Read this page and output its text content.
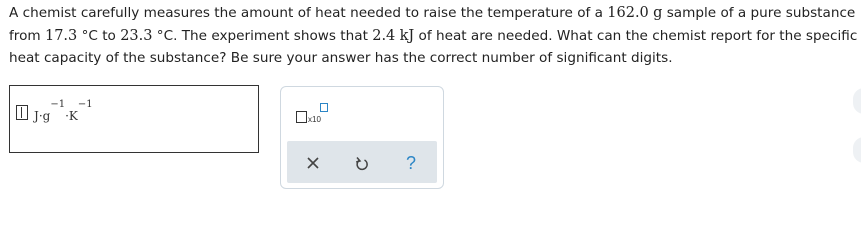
A chemist carefully measures the amount of heat needed to raise the temperature of a 162.0 g sample of a pure substance from 17.3 °C to 23.3 °C. The experiment shows that 2.4 kJ of heat are needed. What can the chemist report for the specific heat capacity of the substance? Be sure your answer has the correct number of significant digits.
$J\cdot g^{-1}\cdot K^{-1}$
x10
?
